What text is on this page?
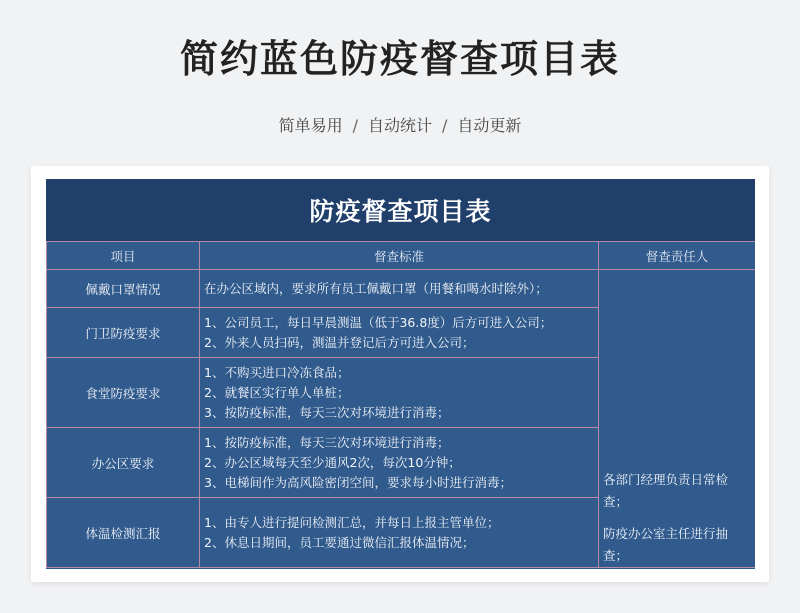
简约蓝色防疫督查项目表
简单易用 / 自动统计 / 自动更新
防疫督查项目表
项目	督查标准	督查责任人
佩戴口罩情况	在办公区域内，要求所有员工佩戴口罩（用餐和喝水时除外）；	各部门经理负责日常检查；
防疫办公室主任进行抽查；

门卫防疫要求	1、公司员工，每日早晨测温（低于36.8度）后方可进入公司；
2、外来人员扫码，测温并登记后方可进入公司；	

食堂防疫要求	1、不购买进口冷冻食品；
2、就餐区实行单人单桩；
3、按防疫标准，每天三次对环境进行消毒；	

办公区要求	1、按防疫标准，每天三次对环境进行消毒；
2、办公区域每天至少通风2次，每次10分钟；
3、电梯间作为高风险密闭空间，要求每小时进行消毒；	

体温检测汇报	1、由专人进行提问检测汇总，并每日上报主管单位；
2、休息日期间，员工要通过微信汇报体温情况；	
